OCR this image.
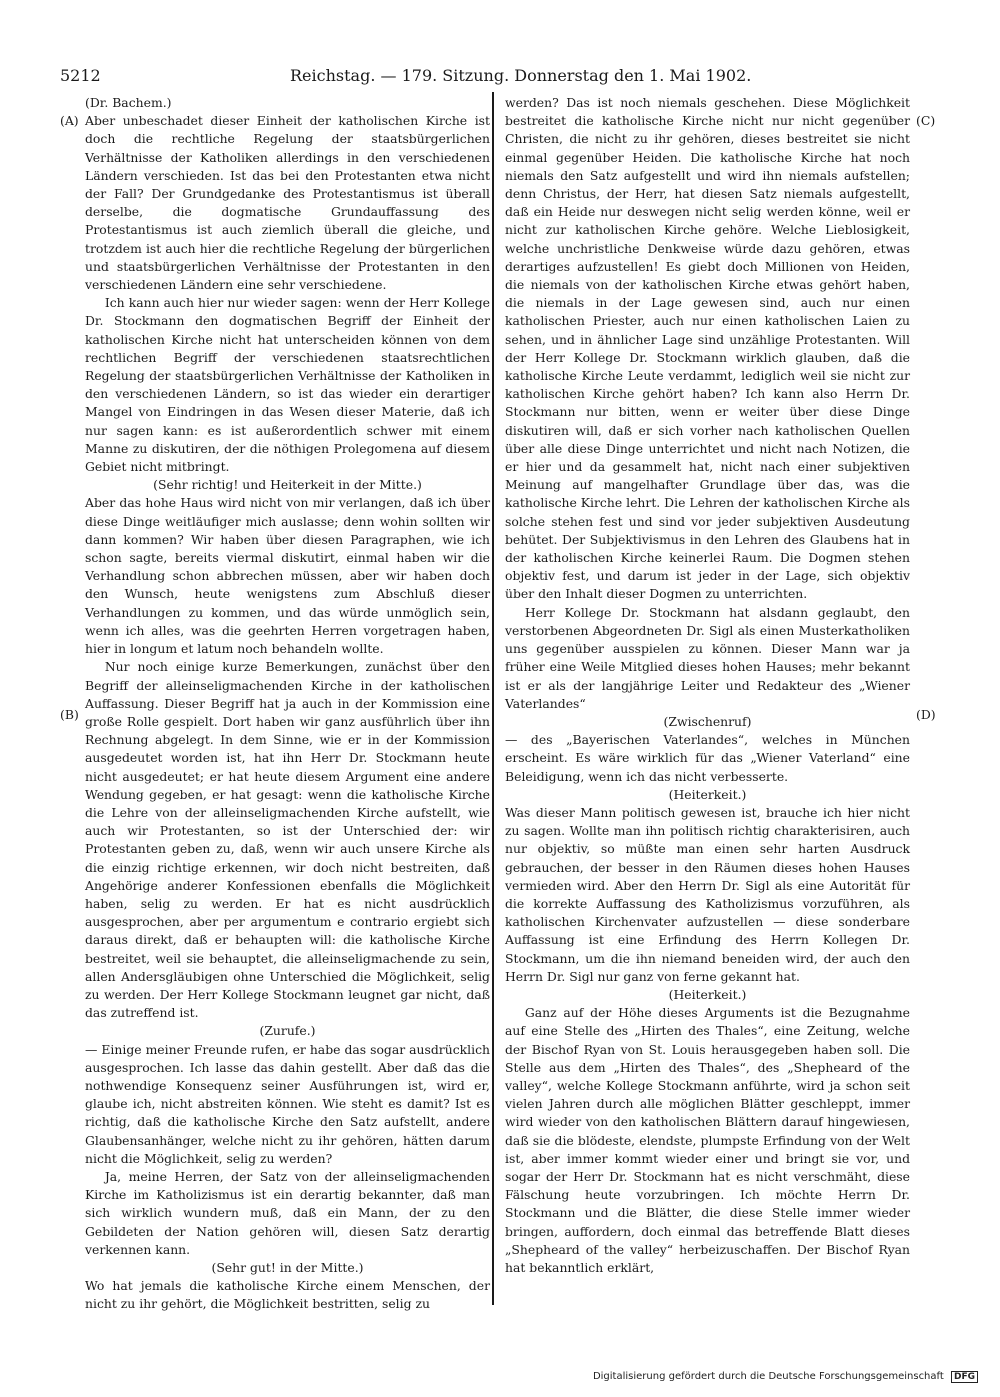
5212	Reichstag. — 179. Sitzung. Donnerstag den 1. Mai 1902.
(A)
(B)
(C)
(D)

(Dr. Bachem.)

Aber unbeschadet dieser Einheit der katholischen Kirche ist doch die rechtliche Regelung der staatsbürgerlichen Verhältnisse der Katholiken allerdings in den verschiedenen Ländern verschieden. Ist das bei den Protestanten etwa nicht der Fall? Der Grundgedanke des Protestantismus ist überall derselbe, die dogmatische Grundauffassung des Protestantismus ist auch ziemlich überall die gleiche, und trotzdem ist auch hier die rechtliche Regelung der bürgerlichen und staatsbürgerlichen Verhältnisse der Protestanten in den verschiedenen Ländern eine sehr verschiedene.

Ich kann auch hier nur wieder sagen: wenn der Herr Kollege Dr. Stockmann den dogmatischen Begriff der Einheit der katholischen Kirche nicht hat unterscheiden können von dem rechtlichen Begriff der verschiedenen staatsrechtlichen Regelung der staatsbürgerlichen Verhältnisse der Katholiken in den verschiedenen Ländern, so ist das wieder ein derartiger Mangel von Eindringen in das Wesen dieser Materie, daß ich nur sagen kann: es ist außerordentlich schwer mit einem Manne zu diskutiren, der die nöthigen Prolegomena auf diesem Gebiet nicht mitbringt.

(Sehr richtig! und Heiterkeit in der Mitte.)

Aber das hohe Haus wird nicht von mir verlangen, daß ich über diese Dinge weitläufiger mich auslasse; denn wohin sollten wir dann kommen? Wir haben über diesen Paragraphen, wie ich schon sagte, bereits viermal diskutirt, einmal haben wir die Verhandlung schon abbrechen müssen, aber wir haben doch den Wunsch, heute wenigstens zum Abschluß dieser Verhandlungen zu kommen, und das würde unmöglich sein, wenn ich alles, was die geehrten Herren vorgetragen haben, hier in longum et latum noch behandeln wollte.

Nur noch einige kurze Bemerkungen, zunächst über den Begriff der alleinseligmachenden Kirche in der katholischen Auffassung. Dieser Begriff hat ja auch in der Kommission eine große Rolle gespielt. Dort haben wir ganz ausführlich über ihn Rechnung abgelegt. In dem Sinne, wie er in der Kommission ausgedeutet worden ist, hat ihn Herr Dr. Stockmann heute nicht ausgedeutet; er hat heute diesem Argument eine andere Wendung gegeben, er hat gesagt: wenn die katholische Kirche die Lehre von der alleinseligmachenden Kirche aufstellt, wie auch wir Protestanten, so ist der Unterschied der: wir Protestanten geben zu, daß, wenn wir auch unsere Kirche als die einzig richtige erkennen, wir doch nicht bestreiten, daß Angehörige anderer Konfessionen ebenfalls die Möglichkeit haben, selig zu werden. Er hat es nicht ausdrücklich ausgesprochen, aber per argumentum e contrario ergiebt sich daraus direkt, daß er behaupten will: die katholische Kirche bestreitet, weil sie behauptet, die alleinseligmachende zu sein, allen Andersgläubigen ohne Unterschied die Möglichkeit, selig zu werden. Der Herr Kollege Stockmann leugnet gar nicht, daß das zutreffend ist.

(Zurufe.)

— Einige meiner Freunde rufen, er habe das sogar ausdrücklich ausgesprochen. Ich lasse das dahin gestellt. Aber daß das die nothwendige Konsequenz seiner Ausführungen ist, wird er, glaube ich, nicht abstreiten können. Wie steht es damit? Ist es richtig, daß die katholische Kirche den Satz aufstellt, andere Glaubensanhänger, welche nicht zu ihr gehören, hätten darum nicht die Möglichkeit, selig zu werden?

Ja, meine Herren, der Satz von der alleinseligmachenden Kirche im Katholizismus ist ein derartig bekannter, daß man sich wirklich wundern muß, daß ein Mann, der zu den Gebildeten der Nation gehören will, diesen Satz derartig verkennen kann.

(Sehr gut! in der Mitte.)

Wo hat jemals die katholische Kirche einem Menschen, der nicht zu ihr gehört, die Möglichkeit bestritten, selig zu

werden? Das ist noch niemals geschehen. Diese Möglichkeit bestreitet die katholische Kirche nicht nur nicht gegenüber Christen, die nicht zu ihr gehören, dieses bestreitet sie nicht einmal gegenüber Heiden. Die katholische Kirche hat noch niemals den Satz aufgestellt und wird ihn niemals aufstellen; denn Christus, der Herr, hat diesen Satz niemals aufgestellt, daß ein Heide nur deswegen nicht selig werden könne, weil er nicht zur katholischen Kirche gehöre. Welche Lieblosigkeit, welche unchristliche Denkweise würde dazu gehören, etwas derartiges aufzustellen! Es giebt doch Millionen von Heiden, die niemals von der katholischen Kirche etwas gehört haben, die niemals in der Lage gewesen sind, auch nur einen katholischen Priester, auch nur einen katholischen Laien zu sehen, und in ähnlicher Lage sind unzählige Protestanten. Will der Herr Kollege Dr. Stockmann wirklich glauben, daß die katholische Kirche Leute verdammt, lediglich weil sie nicht zur katholischen Kirche gehört haben? Ich kann also Herrn Dr. Stockmann nur bitten, wenn er weiter über diese Dinge diskutiren will, daß er sich vorher nach katholischen Quellen über alle diese Dinge unterrichtet und nicht nach Notizen, die er hier und da gesammelt hat, nicht nach einer subjektiven Meinung auf mangelhafter Grundlage über das, was die katholische Kirche lehrt. Die Lehren der katholischen Kirche als solche stehen fest und sind vor jeder subjektiven Ausdeutung behütet. Der Subjektivismus in den Lehren des Glaubens hat in der katholischen Kirche keinerlei Raum. Die Dogmen stehen objektiv fest, und darum ist jeder in der Lage, sich objektiv über den Inhalt dieser Dogmen zu unterrichten.

Herr Kollege Dr. Stockmann hat alsdann geglaubt, den verstorbenen Abgeordneten Dr. Sigl als einen Musterkatholiken uns gegenüber ausspielen zu können. Dieser Mann war ja früher eine Weile Mitglied dieses hohen Hauses; mehr bekannt ist er als der langjährige Leiter und Redakteur des „Wiener Vaterlandes“

(Zwischenruf)

— des „Bayerischen Vaterlandes“, welches in München erscheint. Es wäre wirklich für das „Wiener Vaterland“ eine Beleidigung, wenn ich das nicht verbesserte.

(Heiterkeit.)

Was dieser Mann politisch gewesen ist, brauche ich hier nicht zu sagen. Wollte man ihn politisch richtig charakterisiren, auch nur objektiv, so müßte man einen sehr harten Ausdruck gebrauchen, der besser in den Räumen dieses hohen Hauses vermieden wird. Aber den Herrn Dr. Sigl als eine Autorität für die korrekte Auffassung des Katholizismus vorzuführen, als katholischen Kirchenvater aufzustellen — diese sonderbare Auffassung ist eine Erfindung des Herrn Kollegen Dr. Stockmann, um die ihn niemand beneiden wird, der auch den Herrn Dr. Sigl nur ganz von ferne gekannt hat.

(Heiterkeit.)

Ganz auf der Höhe dieses Arguments ist die Bezugnahme auf eine Stelle des „Hirten des Thales“, eine Zeitung, welche der Bischof Ryan von St. Louis herausgegeben haben soll. Die Stelle aus dem „Hirten des Thales“, des „Shepheard of the valley“, welche Kollege Stockmann anführte, wird ja schon seit vielen Jahren durch alle möglichen Blätter geschleppt, immer wird wieder von den katholischen Blättern darauf hingewiesen, daß sie die blödeste, elendste, plumpste Erfindung von der Welt ist, aber immer kommt wieder einer und bringt sie vor, und sogar der Herr Dr. Stockmann hat es nicht verschmäht, diese Fälschung heute vorzubringen. Ich möchte Herrn Dr. Stockmann und die Blätter, die diese Stelle immer wieder bringen, auffordern, doch einmal das betreffende Blatt dieses „Shepheard of the valley“ herbeizuschaffen. Der Bischof Ryan hat bekanntlich erklärt,

Digitalisierung gefördert durch die Deutsche Forschungsgemeinschaft DFG
